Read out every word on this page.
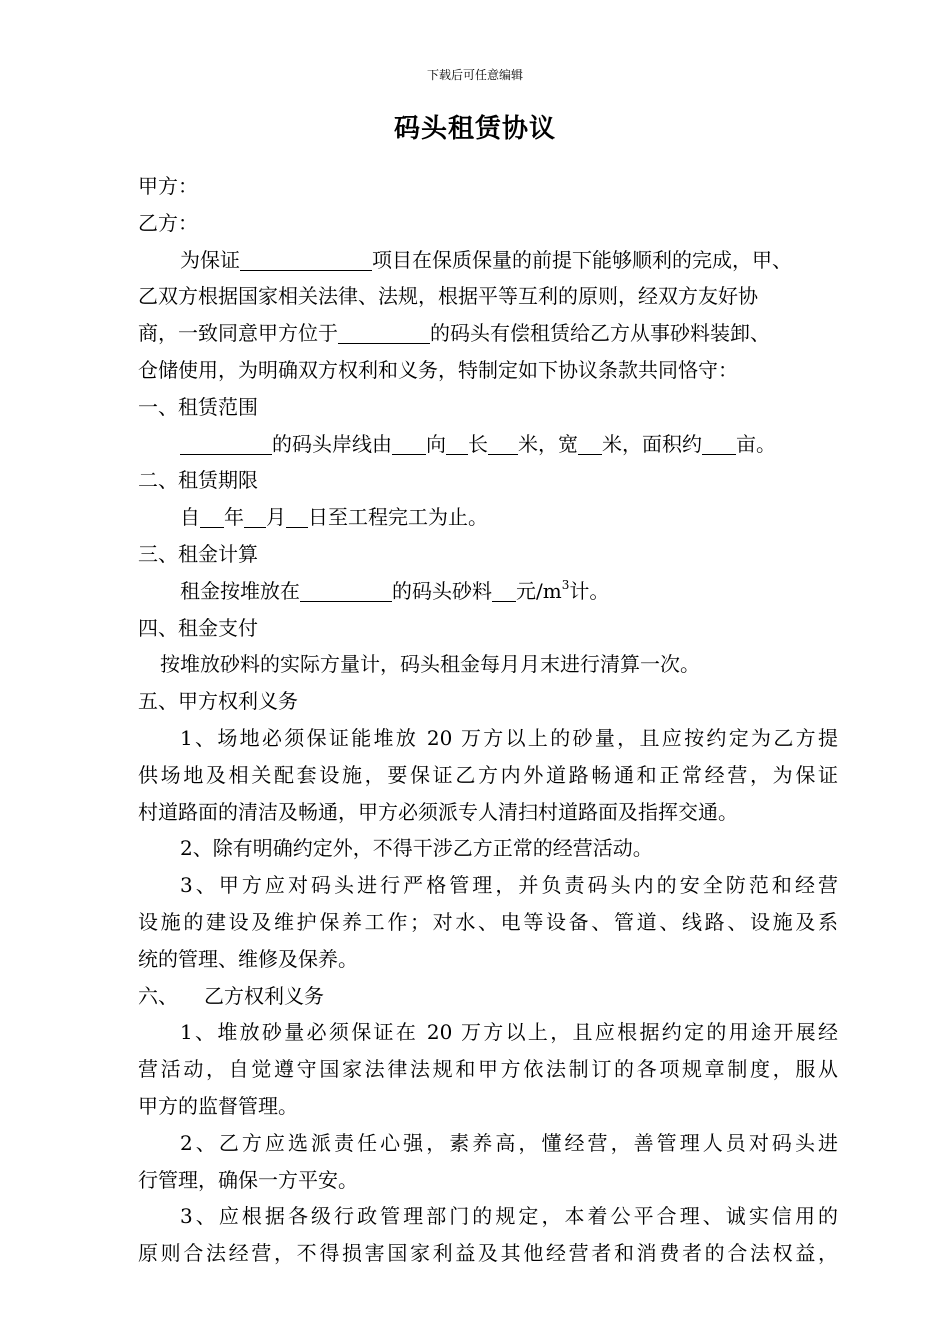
下载后可任意编辑
码头租赁协议

甲方：

乙方：

为保证	项目在保质保量的前提下能够顺利的完成，甲、

乙双方根据国家相关法律、法规，根据平等互利的原则，经双方友好协

商，一致同意甲方位于	的码头有偿租赁给乙方从事砂料装卸、

仓储使用，为明确双方权利和义务，特制定如下协议条款共同恪守：

一、租赁范围

的码头岸线由 向 长 米，宽 米，面积约 亩。

二、租赁期限

自 年 月 日至工程完工为止。

三、租金计算

租金按堆放在	的码头砂料 元$/m^3$计。

四、租金支付

按堆放砂料的实际方量计，码头租金每月月末进行清算一次。

五、甲方权利义务

1、场地必须保证能堆放 20 万方以上的砂量，且应按约定为乙方提

供场地及相关配套设施，要保证乙方内外道路畅通和正常经营，为保证

村道路面的清洁及畅通，甲方必须派专人清扫村道路面及指挥交通。

2、除有明确约定外，不得干涉乙方正常的经营活动。

3、甲方应对码头进行严格管理，并负责码头内的安全防范和经营

设施的建设及维护保养工作；对水、电等设备、管道、线路、设施及系

统的管理、维修及保养。

六、 乙方权利义务

1、堆放砂量必须保证在 20 万方以上，且应根据约定的用途开展经

营活动，自觉遵守国家法律法规和甲方依法制订的各项规章制度，服从

甲方的监督管理。

2、乙方应选派责任心强，素养高，懂经营，善管理人员对码头进

行管理，确保一方平安。

3、应根据各级行政管理部门的规定，本着公平合理、诚实信用的

原则合法经营，不得损害国家利益及其他经营者和消费者的合法权益，
